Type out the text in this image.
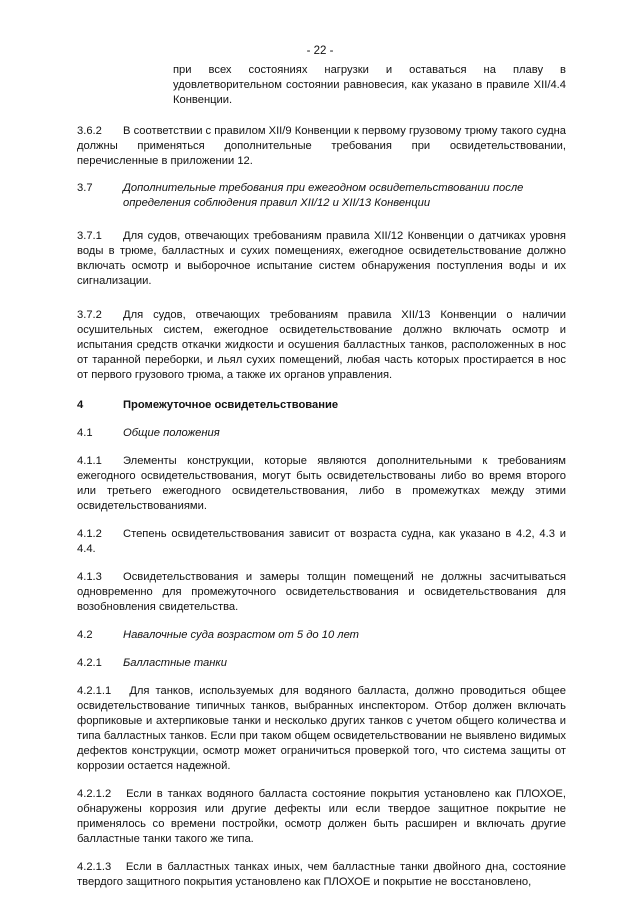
- 22 -

при всех состояниях нагрузки и оставаться на плаву в удовлетворительном состоянии равновесия, как указано в правиле XII/4.4 Конвенции.

3.6.2 В соответствии с правилом XII/9 Конвенции к первому грузовому трюму такого судна должны применяться дополнительные требования при освидетельствовании, перечисленные в приложении 12.

3.7	Дополнительные требования при ежегодном освидетельствовании после определения соблюдения правил XII/12 и XII/13 Конвенции

3.7.1 Для судов, отвечающих требованиям правила XII/12 Конвенции о датчиках уровня воды в трюме, балластных и сухих помещениях, ежегодное освидетельствование должно включать осмотр и выборочное испытание систем обнаружения поступления воды и их сигнализации.

3.7.2 Для судов, отвечающих требованиям правила XII/13 Конвенции о наличии осушительных систем, ежегодное освидетельствование должно включать осмотр и испытания средств откачки жидкости и осушения балластных танков, расположенных в нос от таранной переборки, и льял сухих помещений, любая часть которых простирается в нос от первого грузового трюма, а также их органов управления.

4	Промежуточное освидетельствование
4.1	Общие положения

4.1.1 Элементы конструкции, которые являются дополнительными к требованиям ежегодного освидетельствования, могут быть освидетельствованы либо во время второго или третьего ежегодного освидетельствования, либо в промежутках между этими освидетельствованиями.

4.1.2 Степень освидетельствования зависит от возраста судна, как указано в 4.2, 4.3 и 4.4.

4.1.3 Освидетельствования и замеры толщин помещений не должны засчитываться одновременно для промежуточного освидетельствования и освидетельствования для возобновления свидетельства.

4.2	Навалочные суда возрастом от 5 до 10 лет
4.2.1	Балластные танки

4.2.1.1 Для танков, используемых для водяного балласта, должно проводиться общее освидетельствование типичных танков, выбранных инспектором. Отбор должен включать форпиковые и ахтерпиковые танки и несколько других танков с учетом общего количества и типа балластных танков. Если при таком общем освидетельствовании не выявлено видимых дефектов конструкции, осмотр может ограничиться проверкой того, что система защиты от коррозии остается надежной.

4.2.1.2 Если в танках водяного балласта состояние покрытия установлено как ПЛОХОЕ, обнаружены коррозия или другие дефекты или если твердое защитное покрытие не применялось со времени постройки, осмотр должен быть расширен и включать другие балластные танки такого же типа.

4.2.1.3 Если в балластных танках иных, чем балластные танки двойного дна, состояние твердого защитного покрытия установлено как ПЛОХОЕ и покрытие не восстановлено,
